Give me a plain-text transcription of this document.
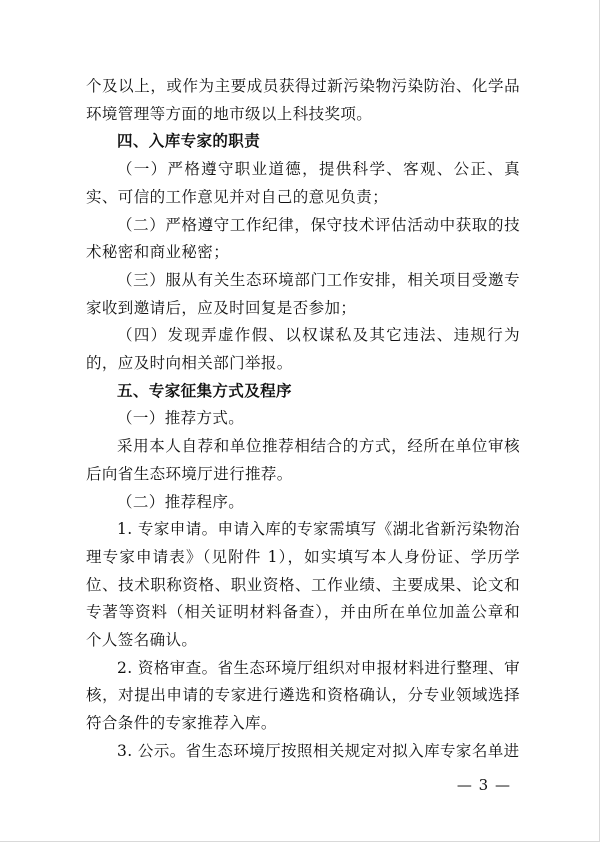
个及以上，或作为主要成员获得过新污染物污染防治、化学品环境管理等方面的地市级以上科技奖项。

四、入库专家的职责

（一）严格遵守职业道德，提供科学、客观、公正、真实、可信的工作意见并对自己的意见负责；

（二）严格遵守工作纪律，保守技术评估活动中获取的技术秘密和商业秘密；

（三）服从有关生态环境部门工作安排，相关项目受邀专家收到邀请后，应及时回复是否参加；

（四）发现弄虚作假、以权谋私及其它违法、违规行为的，应及时向相关部门举报。

五、专家征集方式及程序

（一）推荐方式。

采用本人自荐和单位推荐相结合的方式，经所在单位审核后向省生态环境厅进行推荐。

（二）推荐程序。

1. 专家申请。申请入库的专家需填写《湖北省新污染物治理专家申请表》（见附件 1），如实填写本人身份证、学历学位、技术职称资格、职业资格、工作业绩、主要成果、论文和专著等资料（相关证明材料备查），并由所在单位加盖公章和个人签名确认。

2. 资格审查。省生态环境厅组织对申报材料进行整理、审核，对提出申请的专家进行遴选和资格确认，分专业领域选择符合条件的专家推荐入库。

3. 公示。省生态环境厅按照相关规定对拟入库专家名单进

— 3 —
